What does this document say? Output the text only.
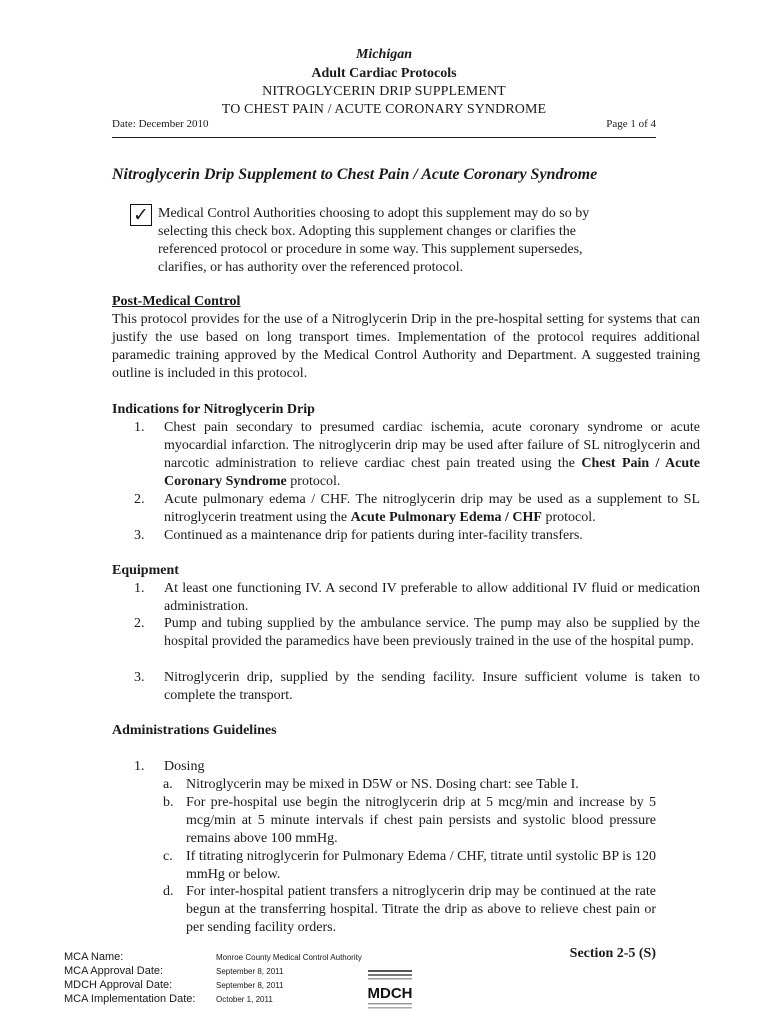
Michigan
Adult Cardiac Protocols
NITROGLYCERIN DRIP SUPPLEMENT
TO CHEST PAIN / ACUTE CORONARY SYNDROME
Date: December 2010	Page 1 of 4
Nitroglycerin Drip Supplement to Chest Pain / Acute Coronary Syndrome
✓ Medical Control Authorities choosing to adopt this supplement may do so by selecting this check box. Adopting this supplement changes or clarifies the referenced protocol or procedure in some way. This supplement supersedes, clarifies, or has authority over the referenced protocol.
Post-Medical Control
This protocol provides for the use of a Nitroglycerin Drip in the pre-hospital setting for systems that can justify the use based on long transport times. Implementation of the protocol requires additional paramedic training approved by the Medical Control Authority and Department. A suggested training outline is included in this protocol.
Indications for Nitroglycerin Drip
1. Chest pain secondary to presumed cardiac ischemia, acute coronary syndrome or acute myocardial infarction. The nitroglycerin drip may be used after failure of SL nitroglycerin and narcotic administration to relieve cardiac chest pain treated using the Chest Pain / Acute Coronary Syndrome protocol.
2. Acute pulmonary edema / CHF. The nitroglycerin drip may be used as a supplement to SL nitroglycerin treatment using the Acute Pulmonary Edema / CHF protocol.
3. Continued as a maintenance drip for patients during inter-facility transfers.
Equipment
1. At least one functioning IV. A second IV preferable to allow additional IV fluid or medication administration.
2. Pump and tubing supplied by the ambulance service. The pump may also be supplied by the hospital provided the paramedics have been previously trained in the use of the hospital pump.
3. Nitroglycerin drip, supplied by the sending facility. Insure sufficient volume is taken to complete the transport.
Administrations Guidelines
1. Dosing
a. Nitroglycerin may be mixed in D5W or NS. Dosing chart: see Table I.
b. For pre-hospital use begin the nitroglycerin drip at 5 mcg/min and increase by 5 mcg/min at 5 minute intervals if chest pain persists and systolic blood pressure remains above 100 mmHg.
c. If titrating nitroglycerin for Pulmonary Edema / CHF, titrate until systolic BP is 120 mmHg or below.
d. For inter-hospital patient transfers a nitroglycerin drip may be continued at the rate begun at the transferring hospital. Titrate the drip as above to relieve chest pain or per sending facility orders.
MCA Name:	Monroe County Medical Control Authority
MCA Approval Date:	September 8, 2011
MDCH Approval Date:	September 8, 2011
MCA Implementation Date:	October 1, 2011
Section 2-5 (S)
MDCH
